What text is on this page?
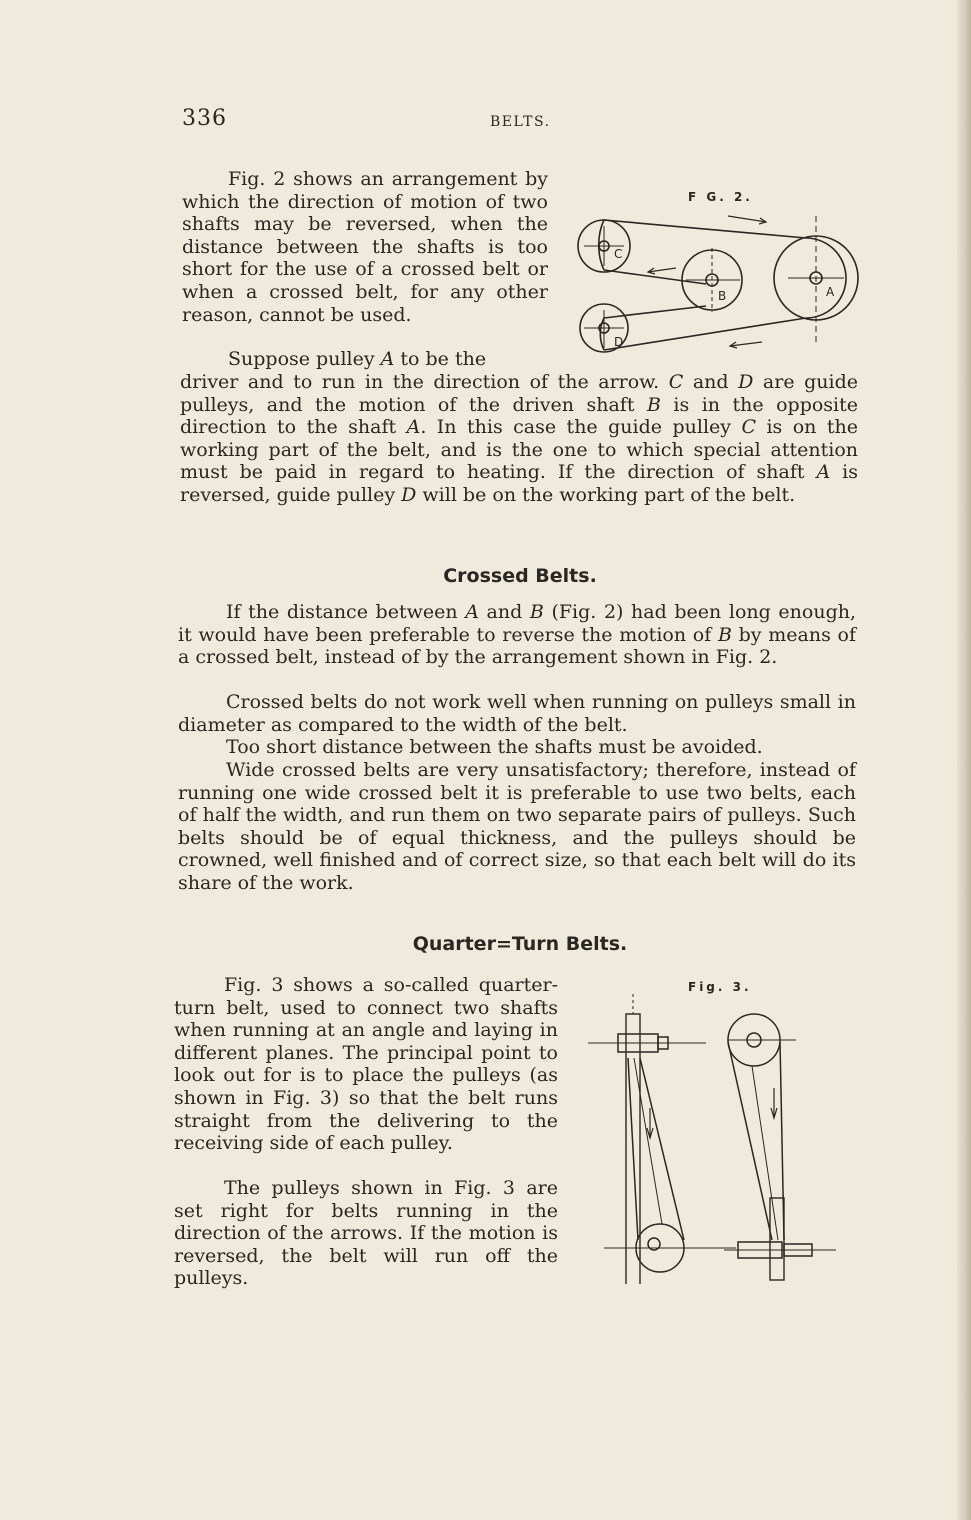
336	BELTS.

Fig. 2 shows an arrangement by which the direction of motion of two shafts may be reversed, when the distance between the shafts is too short for the use of a crossed belt or when a crossed belt, for any other reason, cannot be used.

Suppose pulley A to be the

driver and to run in the direction of the arrow. C and D are guide pulleys, and the motion of the driven shaft B is in the opposite direction to the shaft A. In this case the guide pulley C is on the working part of the belt, and is the one to which special attention must be paid in regard to heating. If the direction of shaft A is reversed, guide pulley D will be on the working part of the belt.

C
D
B	A

F G. 2.

Crossed Belts.

If the distance between A and B (Fig. 2) had been long enough, it would have been preferable to reverse the motion of B by means of a crossed belt, instead of by the arrangement shown in Fig. 2.

Crossed belts do not work well when running on pulleys small in diameter as compared to the width of the belt.

Too short distance between the shafts must be avoided.

Wide crossed belts are very unsatisfactory; therefore, instead of running one wide crossed belt it is preferable to use two belts, each of half the width, and run them on two separate pairs of pulleys. Such belts should be of equal thickness, and the pulleys should be crowned, well finished and of correct size, so that each belt will do its share of the work.

Quarter=Turn Belts.

Fig. 3 shows a so-called quarter-turn belt, used to connect two shafts when running at an angle and laying in different planes. The principal point to look out for is to place the pulleys (as shown in Fig. 3) so that the belt runs straight from the delivering to the receiving side of each pulley.

The pulleys shown in Fig. 3 are set right for belts running in the direction of the arrows. If the motion is reversed, the belt will run off the pulleys.

Fig. 3.
